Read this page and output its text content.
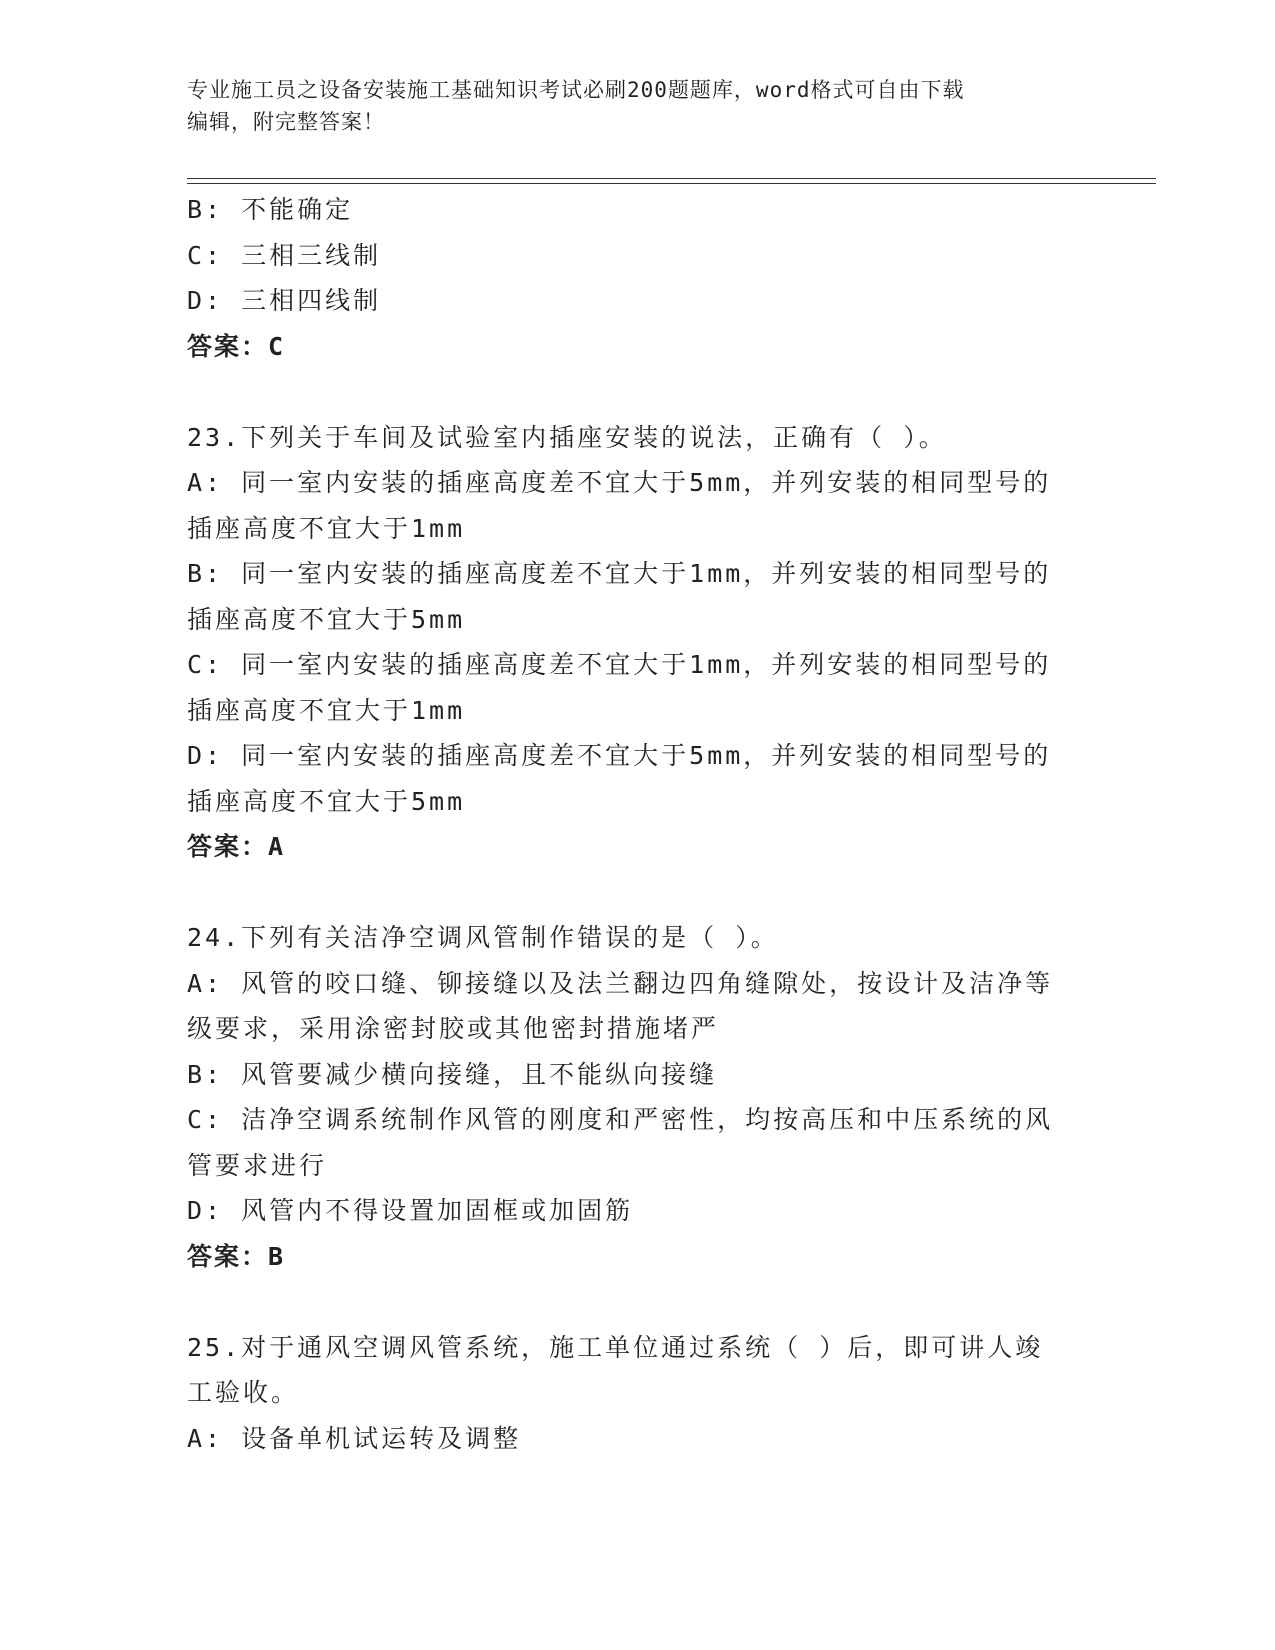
专业施工员之设备安装施工基础知识考试必刷200题题库，word格式可自由下载
编辑，附完整答案！
B: 不能确定
C: 三相三线制
D: 三相四线制
答案：C
23.下列关于车间及试验室内插座安装的说法，正确有（ ）。
A: 同一室内安装的插座高度差不宜大于5mm，并列安装的相同型号的
插座高度不宜大于1mm
B: 同一室内安装的插座高度差不宜大于1mm，并列安装的相同型号的
插座高度不宜大于5mm
C: 同一室内安装的插座高度差不宜大于1mm，并列安装的相同型号的
插座高度不宜大于1mm
D: 同一室内安装的插座高度差不宜大于5mm，并列安装的相同型号的
插座高度不宜大于5mm
答案：A
24.下列有关洁净空调风管制作错误的是（ ）。
A: 风管的咬口缝、铆接缝以及法兰翻边四角缝隙处，按设计及洁净等
级要求，采用涂密封胶或其他密封措施堵严
B: 风管要减少横向接缝，且不能纵向接缝
C: 洁净空调系统制作风管的刚度和严密性，均按高压和中压系统的风
管要求进行
D: 风管内不得设置加固框或加固筋
答案：B
25.对于通风空调风管系统，施工单位通过系统（ ）后，即可讲人竣
工验收。
A: 设备单机试运转及调整
